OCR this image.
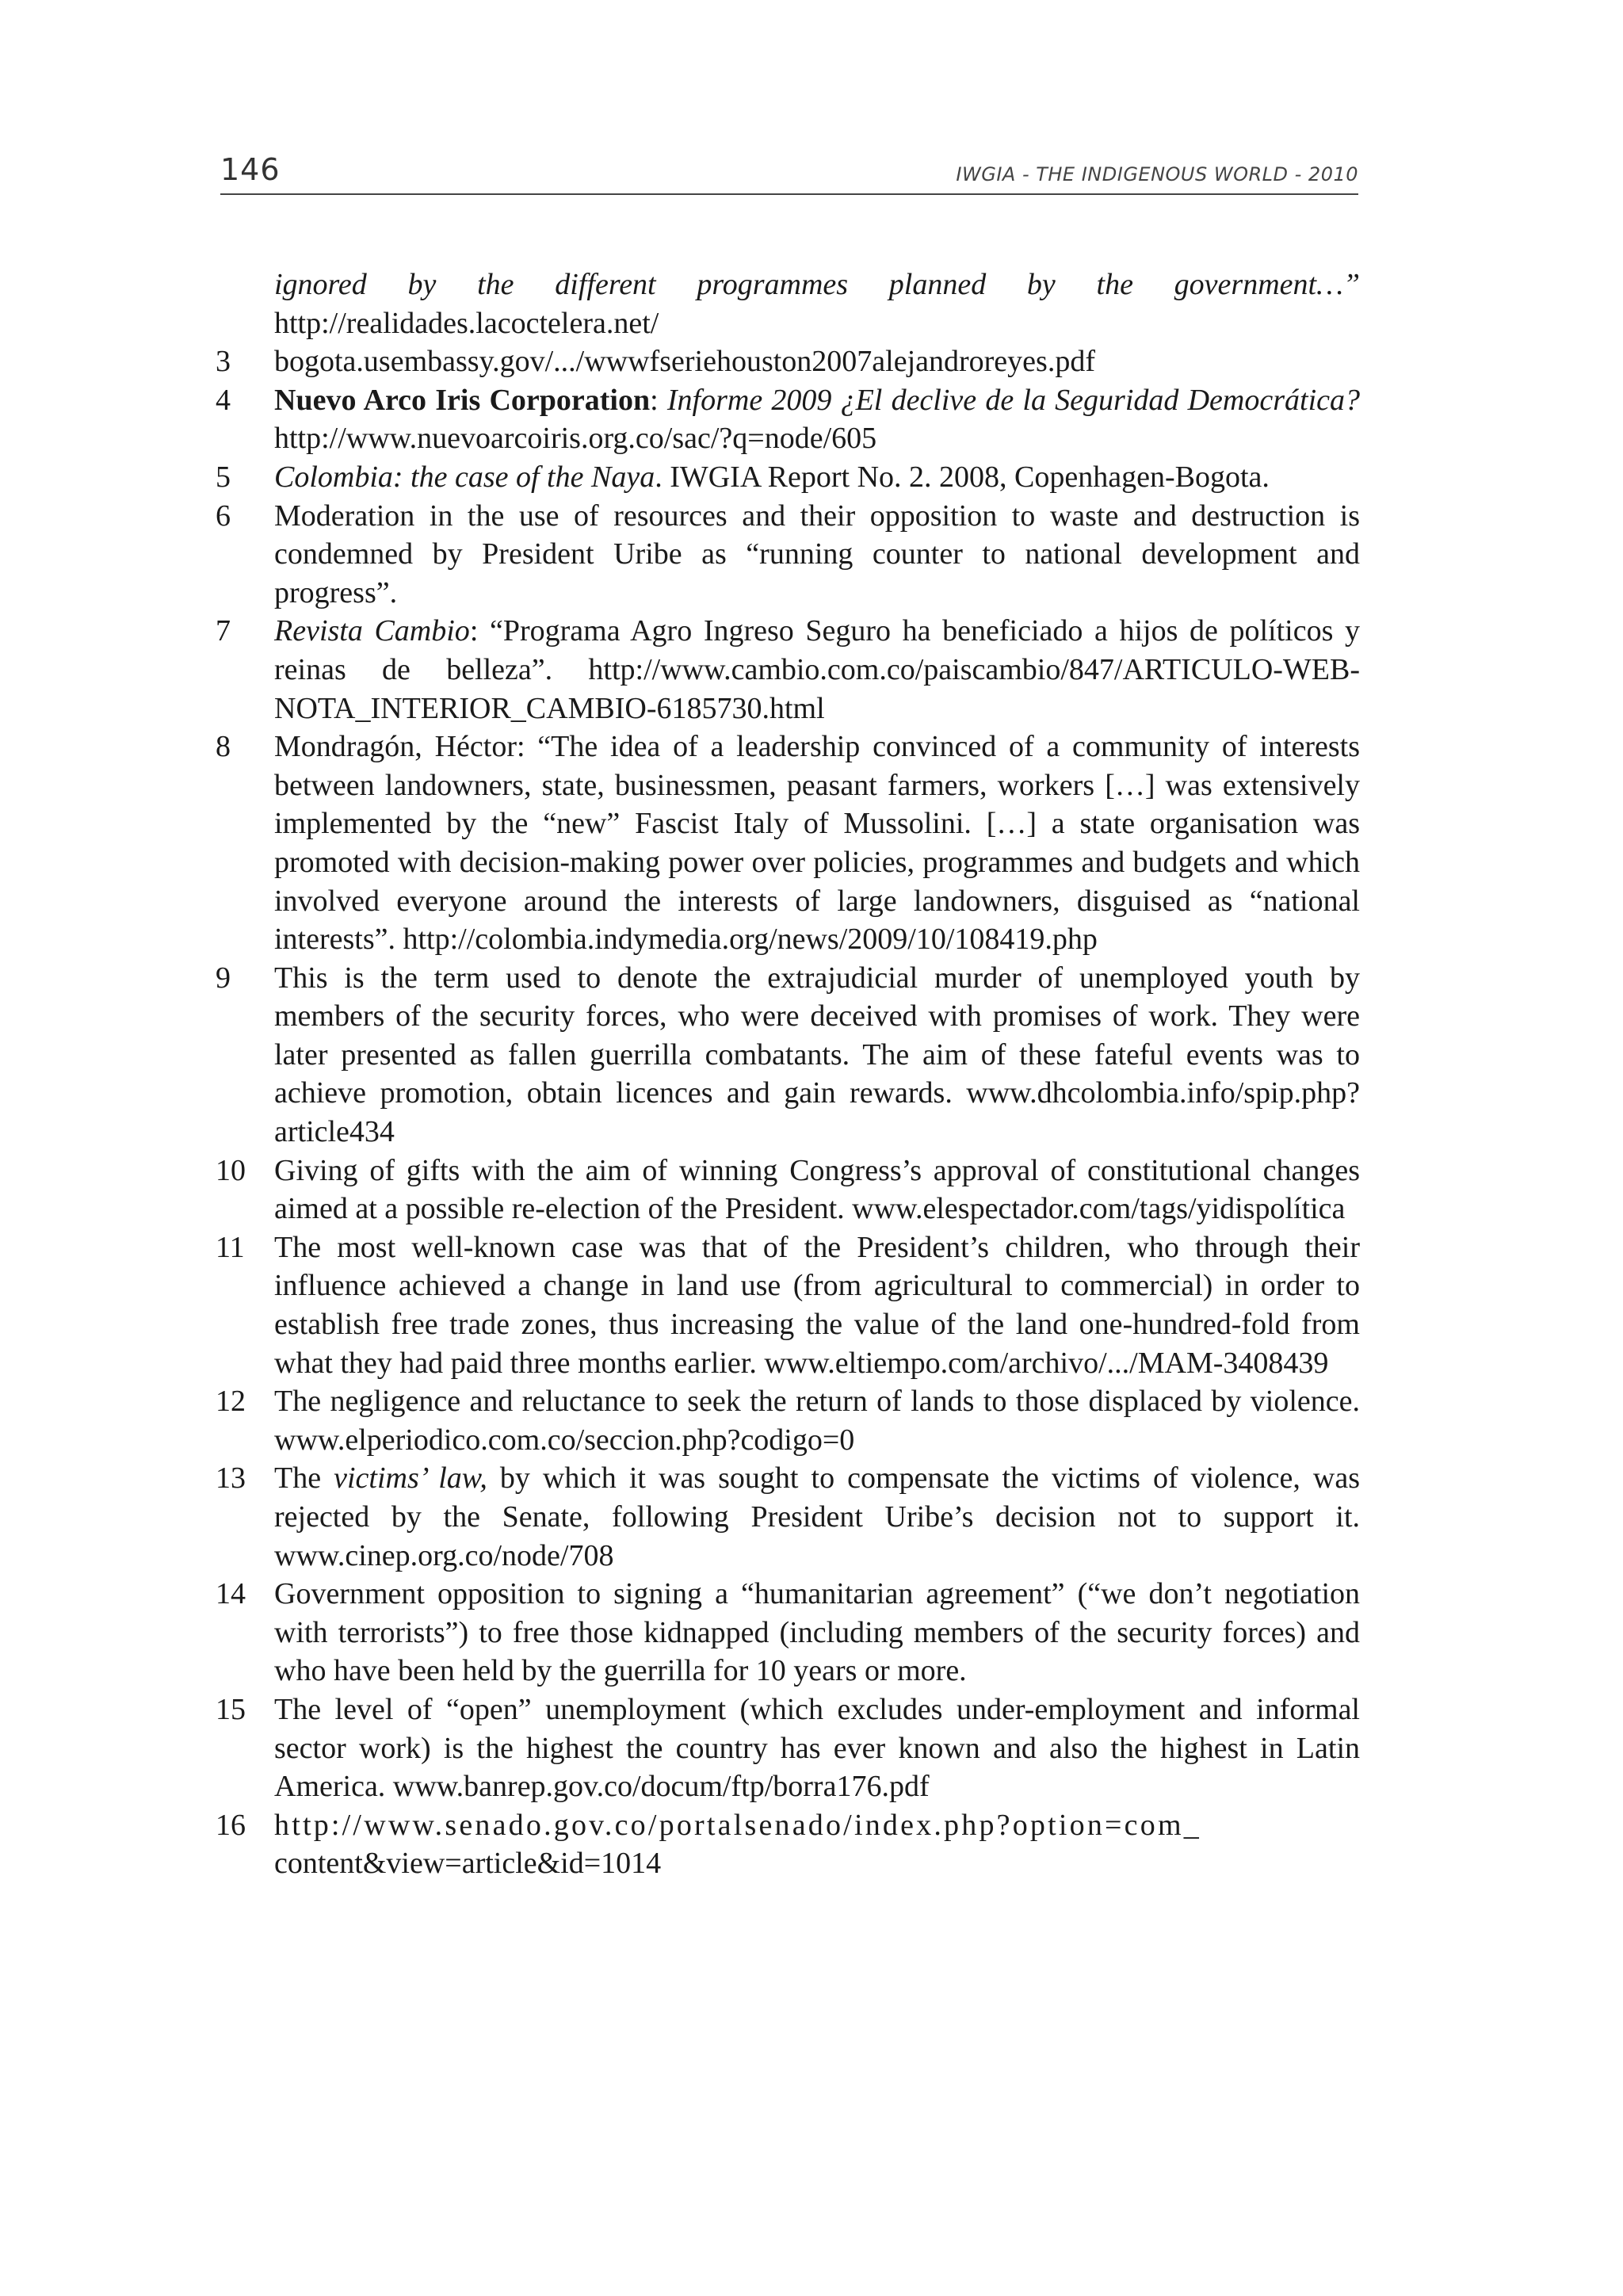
146	IWGIA - THE INDIGENOUS WORLD - 2010

ignored by the different programmes planned by the government…” http://realidades.lacoctelera.net/

3	bogota.usembassy.gov/.../wwwfseriehouston2007alejandroreyes.pdf

4	Nuevo Arco Iris Corporation: Informe 2009 ¿El declive de la Seguridad Democrática? http://www.nuevoarcoiris.org.co/sac/?q=node/605

5	Colombia: the case of the Naya. IWGIA Report No. 2. 2008, Copenhagen-Bogota.

6	Moderation in the use of resources and their opposition to waste and destruction is condemned by President Uribe as “running counter to national development and progress”.

7	Revista Cambio: “Programa Agro Ingreso Seguro ha beneficiado a hijos de políticos y reinas de belleza”. http://www.cambio.com.co/paiscambio/847/ARTICULO-WEB-NOTA_INTERIOR_CAMBIO-6185730.html

8	Mondragón, Héctor: “The idea of a leadership convinced of a community of interests between landowners, state, businessmen, peasant farmers, workers […] was extensively implemented by the “new” Fascist Italy of Mussolini. […] a state organisation was promoted with decision-making power over policies, programmes and budgets and which involved everyone around the interests of large landowners, disguised as “national interests”. http://colombia.indymedia.org/news/2009/10/108419.php

9	This is the term used to denote the extrajudicial murder of unemployed youth by members of the security forces, who were deceived with promises of work. They were later presented as fallen guerrilla combatants. The aim of these fateful events was to achieve promotion, obtain licences and gain rewards. www.dhcolombia.info/spip.php?article434

10 Giving of gifts with the aim of winning Congress’s approval of constitutional changes aimed at a possible re-election of the President. www.elespectador.com/tags/yidispolítica

11 The most well-known case was that of the President’s children, who through their influence achieved a change in land use (from agricultural to commercial) in order to establish free trade zones, thus increasing the value of the land one-hundred-fold from what they had paid three months earlier. www.eltiempo.com/archivo/.../MAM-3408439

12 The negligence and reluctance to seek the return of lands to those displaced by violence. www.elperiodico.com.co/seccion.php?codigo=0

13 The victims’ law, by which it was sought to compensate the victims of violence, was rejected by the Senate, following President Uribe’s decision not to support it. www.cinep.org.co/node/708

14 Government opposition to signing a “humanitarian agreement” (“we don’t negotiation with terrorists”) to free those kidnapped (including members of the security forces) and who have been held by the guerrilla for 10 years or more.

15 The level of “open” unemployment (which excludes under-employment and informal sector work) is the highest the country has ever known and also the highest in Latin America. www.banrep.gov.co/docum/ftp/borra176.pdf

16 http://www.senado.gov.co/portalsenado/index.php?option=com_
content&view=article&id=1014
